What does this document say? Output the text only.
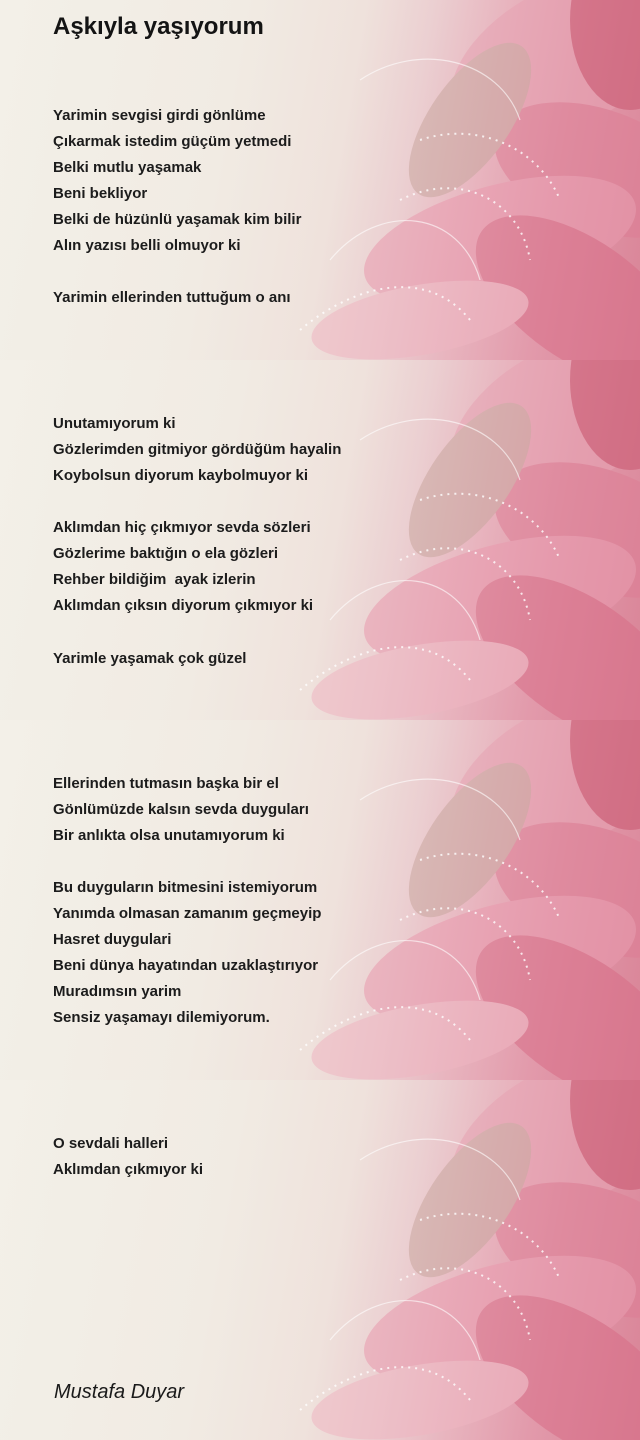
Aşkıyla yaşıyorum
Yarimin sevgisi girdi gönlüme
Çıkarmak istedim güçüm yetmedi
Belki mutlu yaşamak
Beni bekliyor
Belki de hüzünlü yaşamak kim bilir
Alın yazısı belli olmuyor ki
Yarimin ellerinden tuttuğum o anı
Unutamıyorum ki
Gözlerimden gitmiyor gördüğüm hayalin
Koybolsun diyorum kaybolmuyor ki
Aklımdan hiç çıkmıyor sevda sözleri
Gözlerime baktığın o ela gözleri
Rehber bildiğim  ayak izlerin
Aklımdan çıksın diyorum çıkmıyor ki
Yarimle yaşamak çok güzel
Ellerinden tutmasın başka bir el
Gönlümüzde kalsın sevda duyguları
Bir anlıkta olsa unutamıyorum ki
Bu duyguların bitmesini istemiyorum
Yanımda olmasan zamanım geçmeyip
Hasret duygulari
Beni dünya hayatından uzaklaştırıyor
Muradımsın yarim
Sensiz yaşamayı dilemiyorum.
O sevdali halleri
Aklımdan çıkmıyor ki

Mustafa Duyar
